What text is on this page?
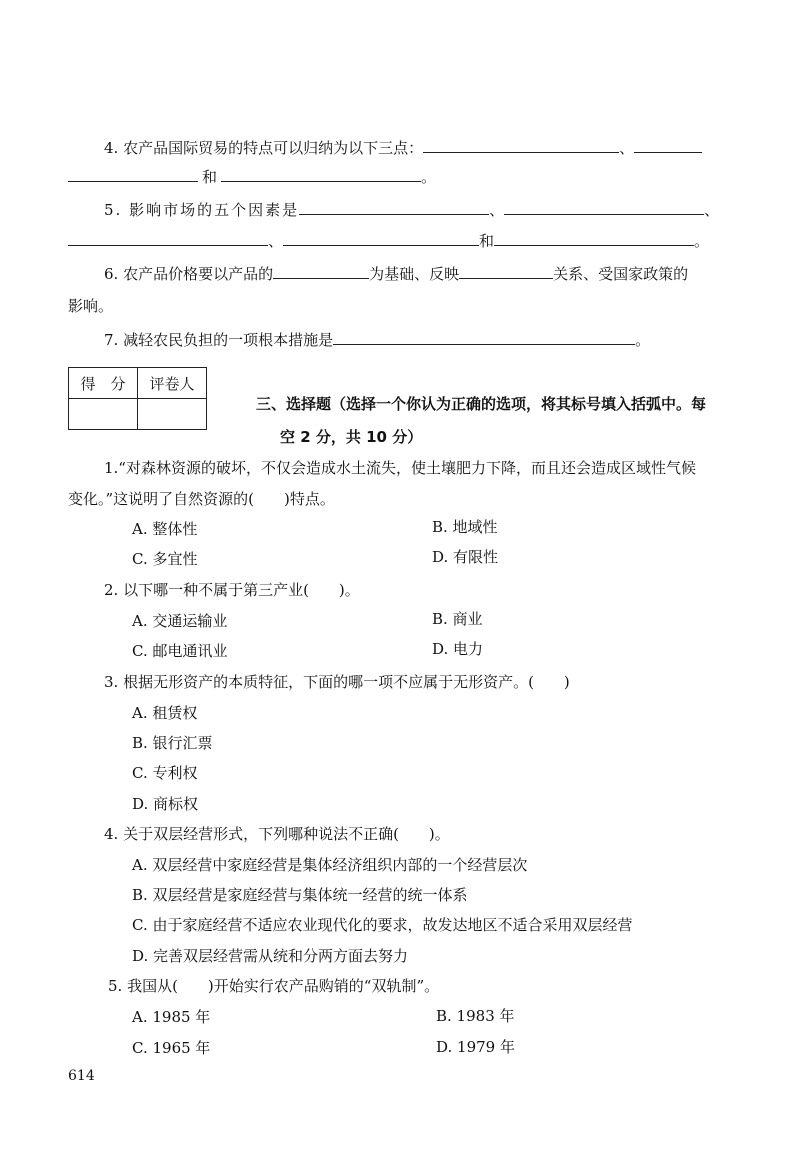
4. 农产品国际贸易的特点可以归纳为以下三点：	、
和	。
5. 影响市场的五个因素是	、	、
、	和	。
6. 农产品价格要以产品的	为基础、反映	关系、受国家政策的
影响。
7. 减轻农民负担的一项根本措施是	。
得　分	评卷人

三、选择题（选择一个你认为正确的选项，将其标号填入括弧中。每
空 2 分，共 10 分）
1.“对森林资源的破坏，不仅会造成水土流失，使土壤肥力下降，而且还会造成区域性气候
变化。”这说明了自然资源的(　　)特点。
A. 整体性	B. 地域性
C. 多宜性	D. 有限性
2. 以下哪一种不属于第三产业(　　)。
A. 交通运输业	B. 商业
C. 邮电通讯业	D. 电力
3. 根据无形资产的本质特征，下面的哪一项不应属于无形资产。(　　)
A. 租赁权
B. 银行汇票
C. 专利权
D. 商标权
4. 关于双层经营形式，下列哪种说法不正确(　　)。
A. 双层经营中家庭经营是集体经济组织内部的一个经营层次
B. 双层经营是家庭经营与集体统一经营的统一体系
C. 由于家庭经营不适应农业现代化的要求，故发达地区不适合采用双层经营
D. 完善双层经营需从统和分两方面去努力
5. 我国从(　　)开始实行农产品购销的“双轨制”。
A. 1985 年	B. 1983 年
C. 1965 年	D. 1979 年
614
